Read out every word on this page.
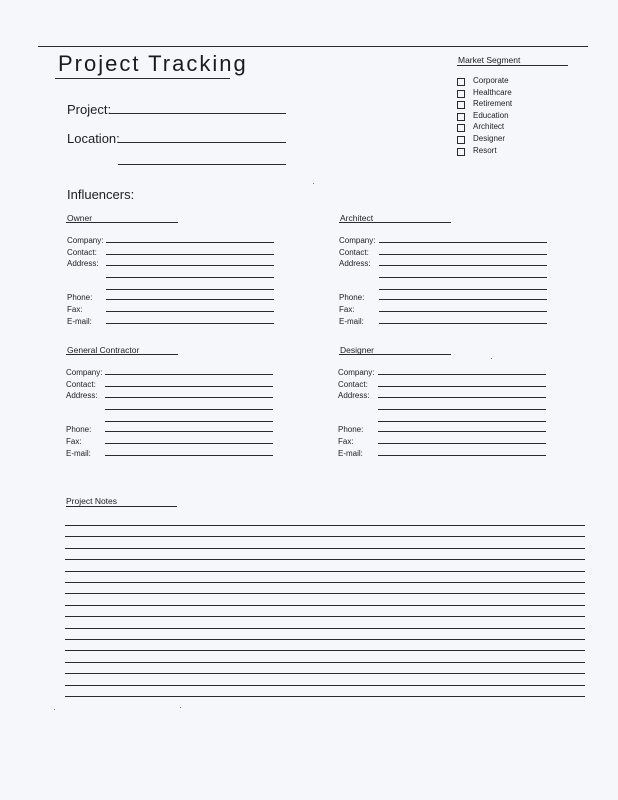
Project Tracking
Project:
Location:
Market Segment
Corporate
Healthcare
Retirement
Education
Architect
Designer
Resort
Influencers:
Owner	Architect
General Contractor	Designer
Company:
Contact:
Address:
Phone:
Fax:
E-mail:
Company:
Contact:
Address:
Phone:
Fax:
E-mail:
Company:
Contact:
Address:
Phone:
Fax:
E-mail:
Company:
Contact:
Address:
Phone:
Fax:
E-mail:
Project Notes
